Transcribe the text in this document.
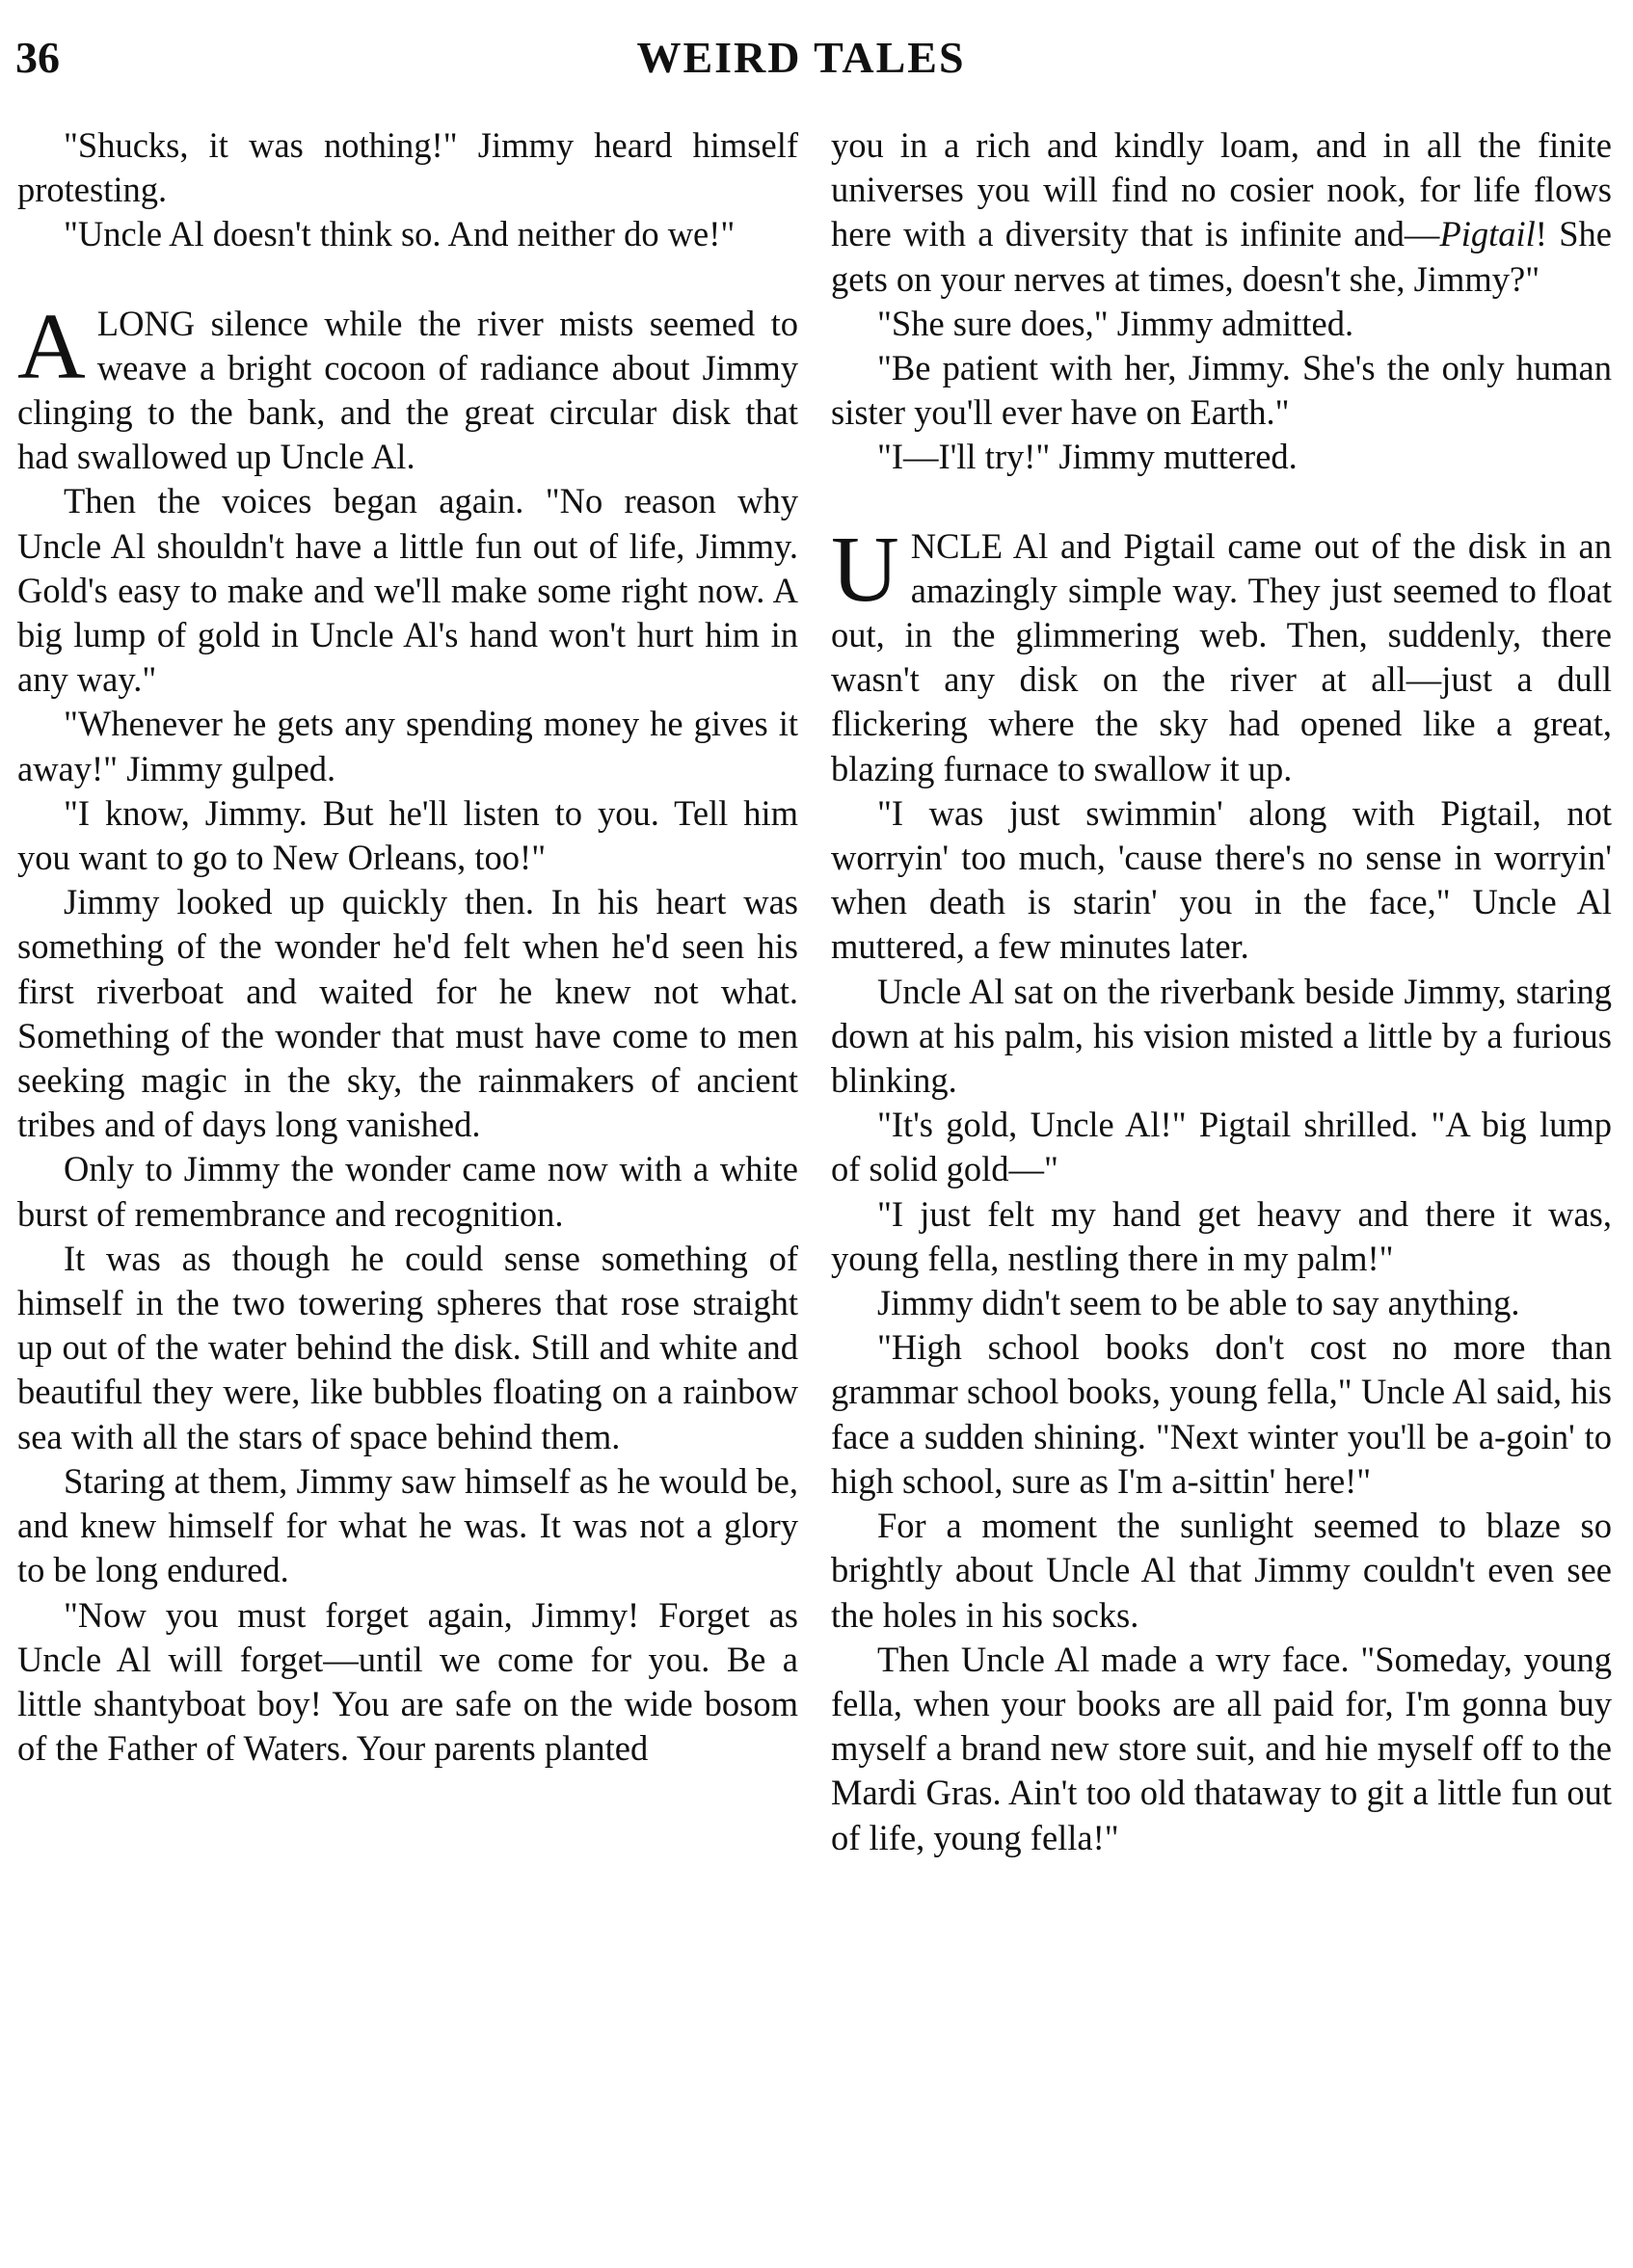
36	WEIRD TALES

"Shucks, it was nothing!" Jimmy heard himself protesting.

"Uncle Al doesn't think so. And neither do we!"

ALONG silence while the river mists seemed to weave a bright cocoon of radiance about Jimmy clinging to the bank, and the great circular disk that had swallowed up Uncle Al.

Then the voices began again. "No reason why Uncle Al shouldn't have a little fun out of life, Jimmy. Gold's easy to make and we'll make some right now. A big lump of gold in Uncle Al's hand won't hurt him in any way."

"Whenever he gets any spending money he gives it away!" Jimmy gulped.

"I know, Jimmy. But he'll listen to you. Tell him you want to go to New Orleans, too!"

Jimmy looked up quickly then. In his heart was something of the wonder he'd felt when he'd seen his first riverboat and waited for he knew not what. Something of the wonder that must have come to men seeking magic in the sky, the rainmakers of ancient tribes and of days long vanished.

Only to Jimmy the wonder came now with a white burst of remembrance and recognition.

It was as though he could sense something of himself in the two towering spheres that rose straight up out of the water behind the disk. Still and white and beautiful they were, like bubbles floating on a rainbow sea with all the stars of space behind them.

Staring at them, Jimmy saw himself as he would be, and knew himself for what he was. It was not a glory to be long endured.

"Now you must forget again, Jimmy! Forget as Uncle Al will forget—until we come for you. Be a little shantyboat boy! You are safe on the wide bosom of the Father of Waters. Your parents planted

you in a rich and kindly loam, and in all the finite universes you will find no cosier nook, for life flows here with a diversity that is infinite and—Pigtail! She gets on your nerves at times, doesn't she, Jimmy?"

"She sure does," Jimmy admitted.

"Be patient with her, Jimmy. She's the only human sister you'll ever have on Earth."

"I—I'll try!" Jimmy muttered.

UNCLE Al and Pigtail came out of the disk in an amazingly simple way. They just seemed to float out, in the glimmering web. Then, suddenly, there wasn't any disk on the river at all—just a dull flickering where the sky had opened like a great, blazing furnace to swallow it up.

"I was just swimmin' along with Pigtail, not worryin' too much, 'cause there's no sense in worryin' when death is starin' you in the face," Uncle Al muttered, a few minutes later.

Uncle Al sat on the riverbank beside Jimmy, staring down at his palm, his vision misted a little by a furious blinking.

"It's gold, Uncle Al!" Pigtail shrilled. "A big lump of solid gold—"

"I just felt my hand get heavy and there it was, young fella, nestling there in my palm!"

Jimmy didn't seem to be able to say anything.

"High school books don't cost no more than grammar school books, young fella," Uncle Al said, his face a sudden shining. "Next winter you'll be a-goin' to high school, sure as I'm a-sittin' here!"

For a moment the sunlight seemed to blaze so brightly about Uncle Al that Jimmy couldn't even see the holes in his socks.

Then Uncle Al made a wry face. "Someday, young fella, when your books are all paid for, I'm gonna buy myself a brand new store suit, and hie myself off to the Mardi Gras. Ain't too old thataway to git a little fun out of life, young fella!"
